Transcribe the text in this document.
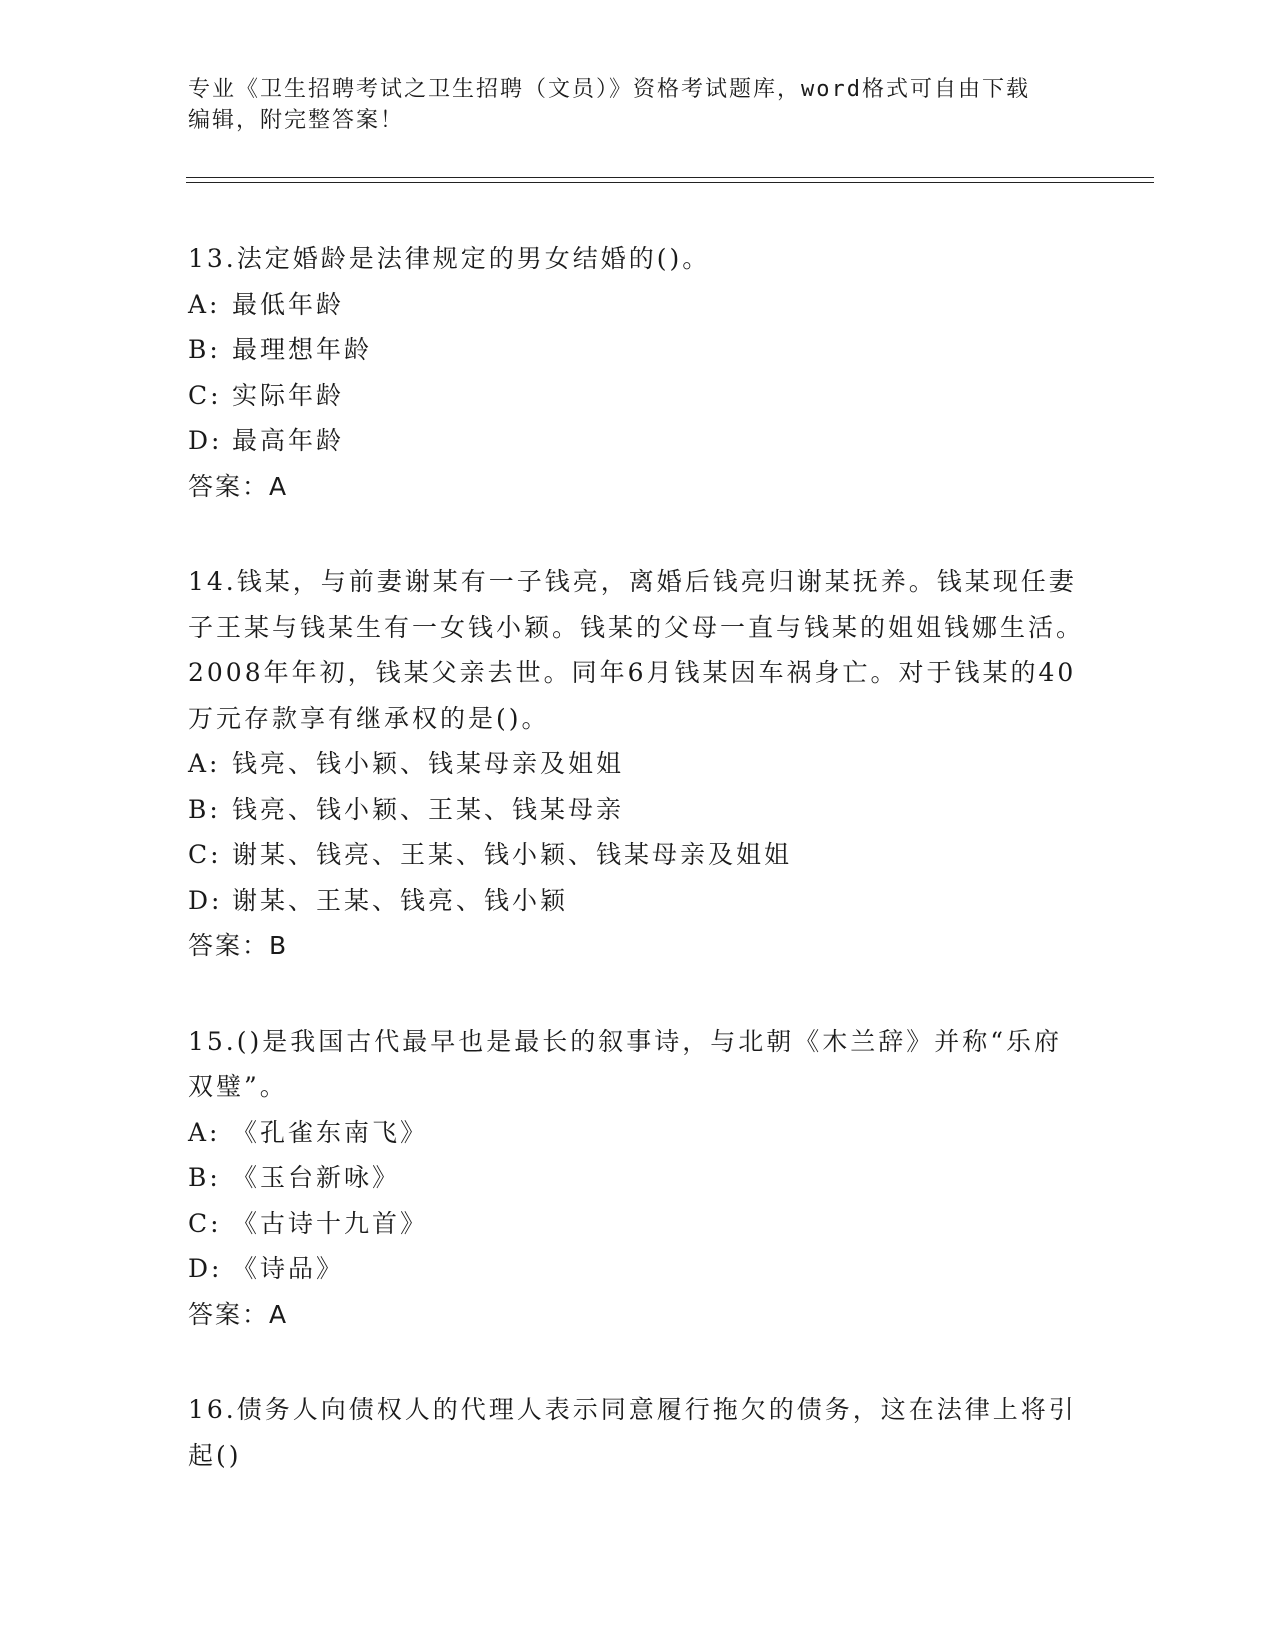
专业《卫生招聘考试之卫生招聘（文员）》资格考试题库，word格式可自由下载
编辑，附完整答案！
13.法定婚龄是法律规定的男女结婚的()。
A: 最低年龄
B: 最理想年龄
C: 实际年龄
D: 最高年龄
答案：A
14.钱某，与前妻谢某有一子钱亮，离婚后钱亮归谢某抚养。钱某现任妻子王某与钱某生有一女钱小颖。钱某的父母一直与钱某的姐姐钱娜生活。2008年年初，钱某父亲去世。同年6月钱某因车祸身亡。对于钱某的40万元存款享有继承权的是()。
A: 钱亮、钱小颖、钱某母亲及姐姐
B: 钱亮、钱小颖、王某、钱某母亲
C: 谢某、钱亮、王某、钱小颖、钱某母亲及姐姐
D: 谢某、王某、钱亮、钱小颖
答案：B
15.()是我国古代最早也是最长的叙事诗，与北朝《木兰辞》并称“乐府双璧”。
A: 《孔雀东南飞》
B: 《玉台新咏》
C: 《古诗十九首》
D: 《诗品》
答案：A
16.债务人向债权人的代理人表示同意履行拖欠的债务，这在法律上将引起()
